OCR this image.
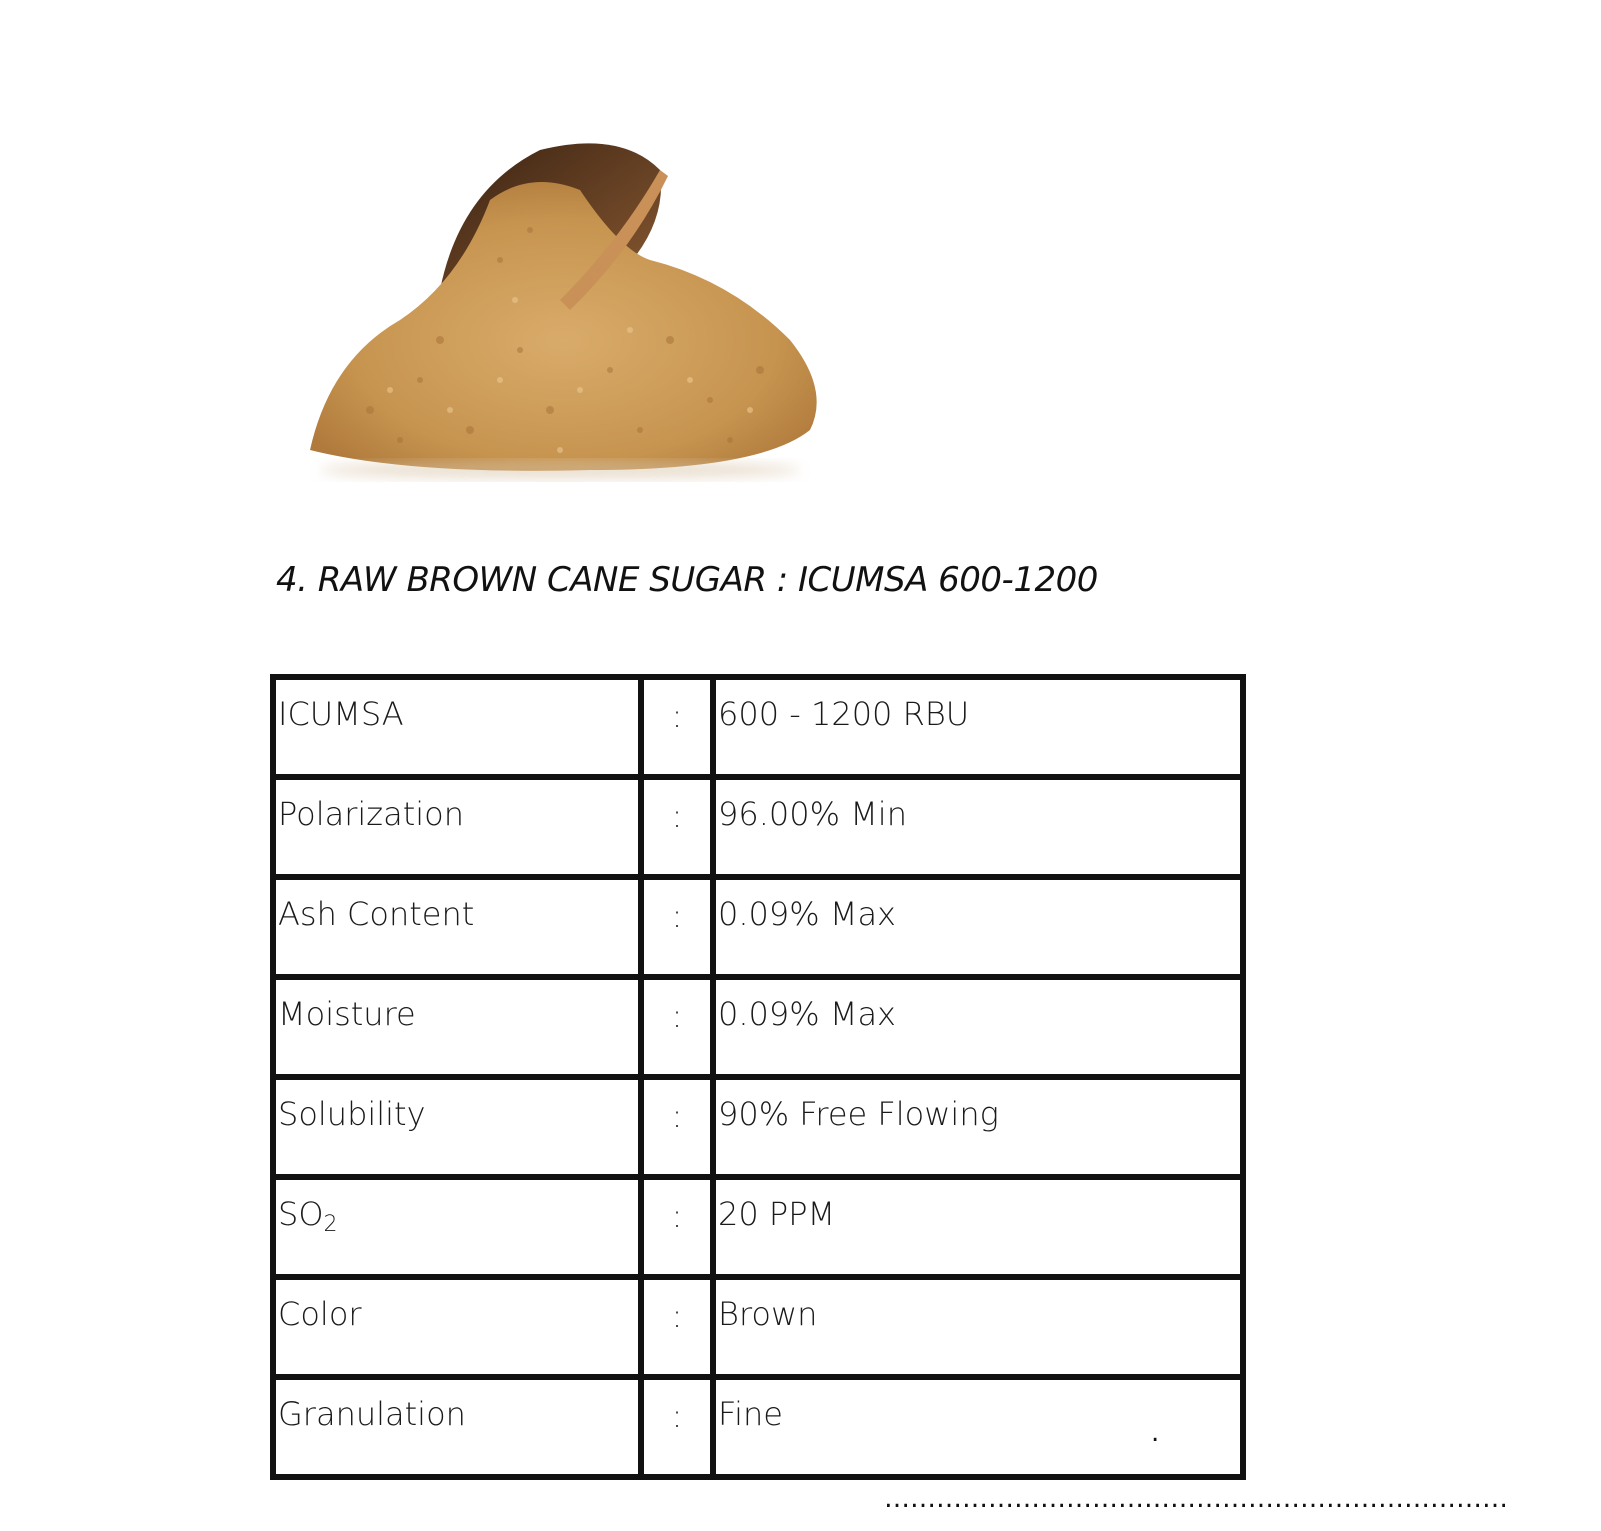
4. RAW BROWN CANE SUGAR : ICUMSA 600-1200
ICUMSA	:	600 - 1200 RBU
Polarization	:	96.00% Min
Ash Content	:	0.09% Max
Moisture	:	0.09% Max
Solubility	:	90% Free Flowing
$SO_2$	:	20 PPM
Color	:	Brown
Granulation	:	Fine	.
………………………………………………………………
